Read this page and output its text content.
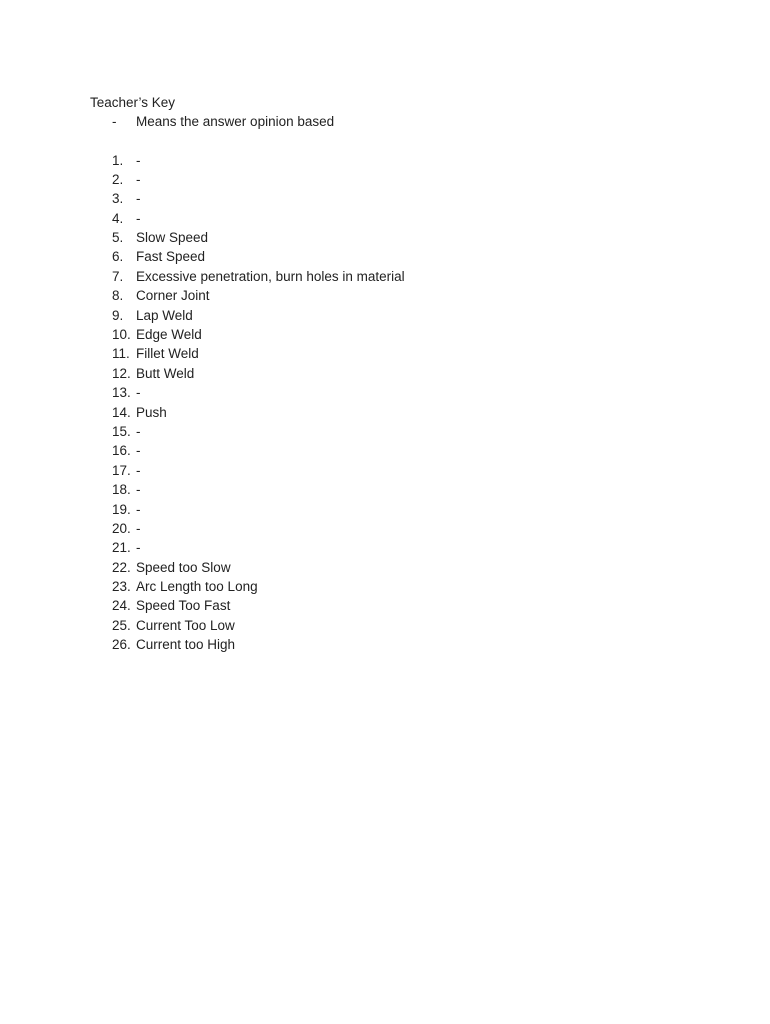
Teacher’s Key
- Means the answer opinion based
1. -
2. -
3. -
4. -
5. Slow Speed
6. Fast Speed
7. Excessive penetration, burn holes in material
8. Corner Joint
9. Lap Weld
10. Edge Weld
11. Fillet Weld
12. Butt Weld
13. -
14. Push
15. -
16. -
17. -
18. -
19. -
20. -
21. -
22. Speed too Slow
23. Arc Length too Long
24. Speed Too Fast
25. Current Too Low
26. Current too High
